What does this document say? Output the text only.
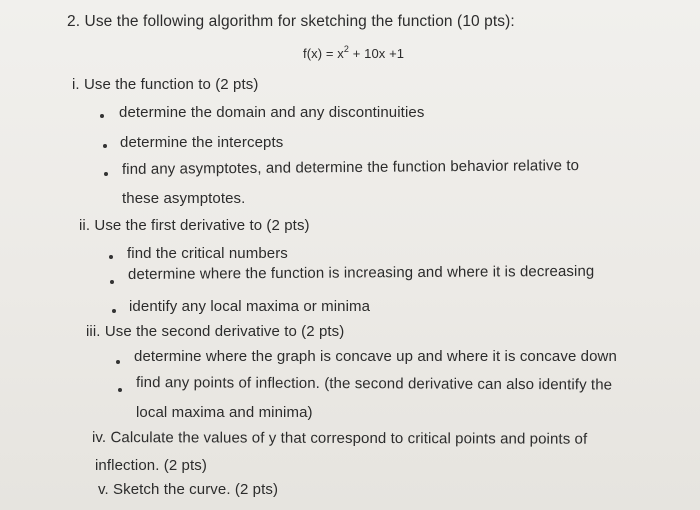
2. Use the following algorithm for sketching the function (10 pts):
$f(x) = x^2 + 10x +1$
i. Use the function to (2 pts)
determine the domain and any discontinuities
determine the intercepts
find any asymptotes, and determine the function behavior relative to
these asymptotes.
ii. Use the first derivative to (2 pts)
find the critical numbers
determine where the function is increasing and where it is decreasing
identify any local maxima or minima
iii. Use the second derivative to (2 pts)
determine where the graph is concave up and where it is concave down
find any points of inflection. (the second derivative can also identify the
local maxima and minima)
iv. Calculate the values of y that correspond to critical points and points of
inflection. (2 pts)
v. Sketch the curve. (2 pts)
